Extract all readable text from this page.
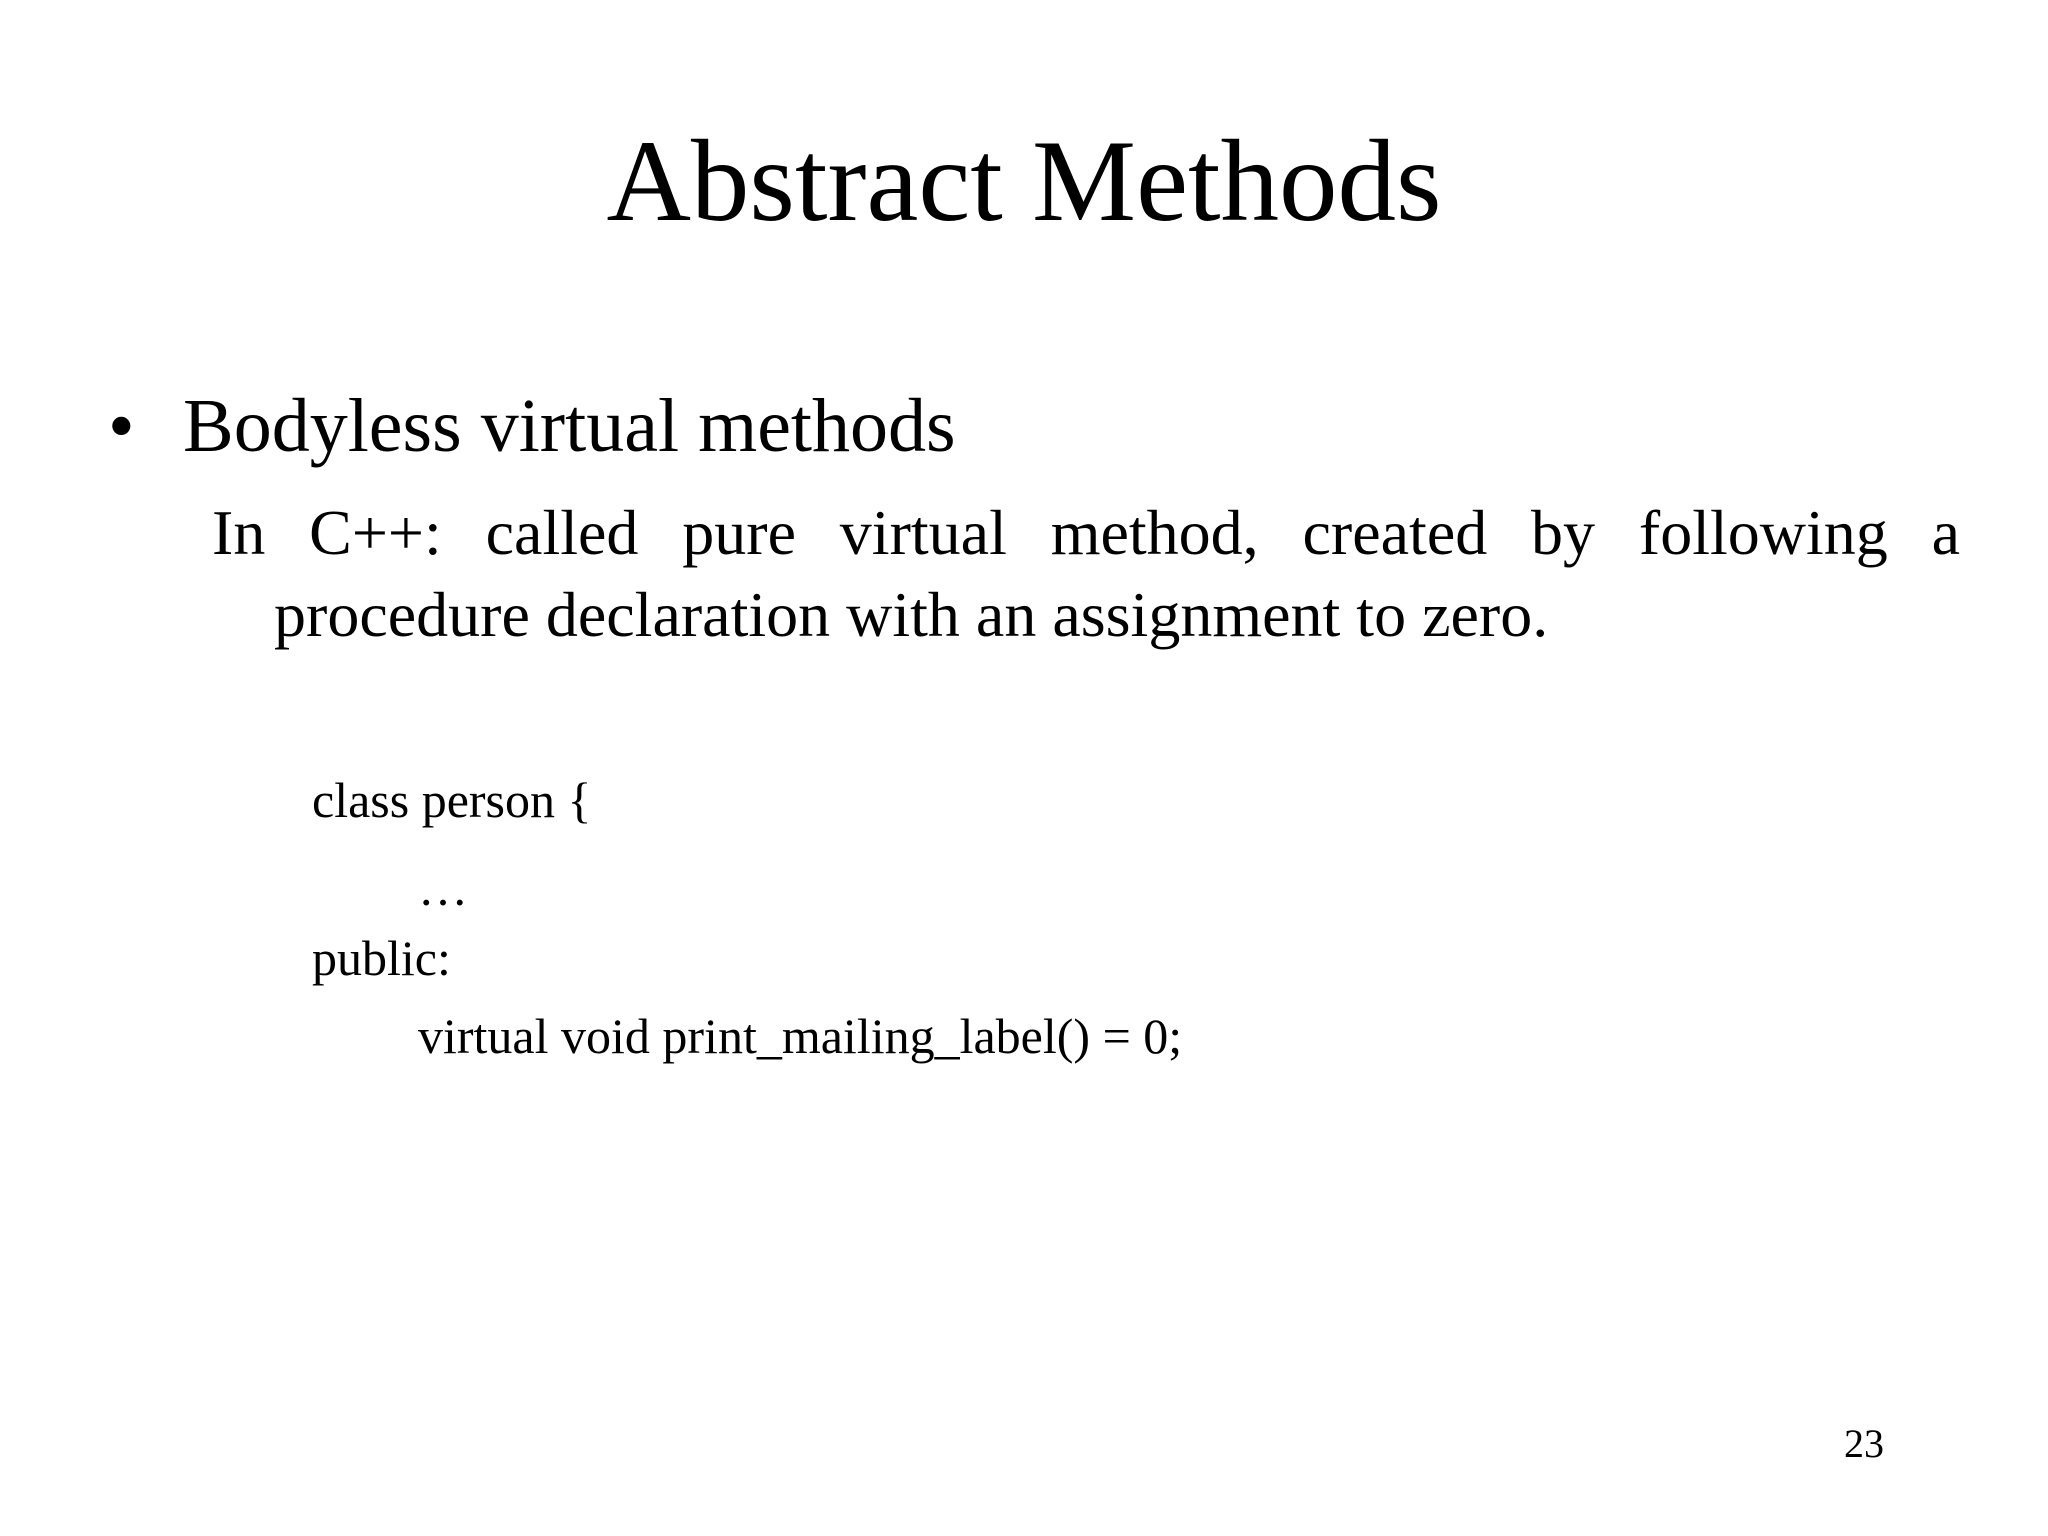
Abstract Methods
• Bodyless virtual methods
In C++: called pure virtual method, created by following a
procedure declaration with an assignment to zero.
class person {
…
public:
virtual void print_mailing_label() = 0;
23
